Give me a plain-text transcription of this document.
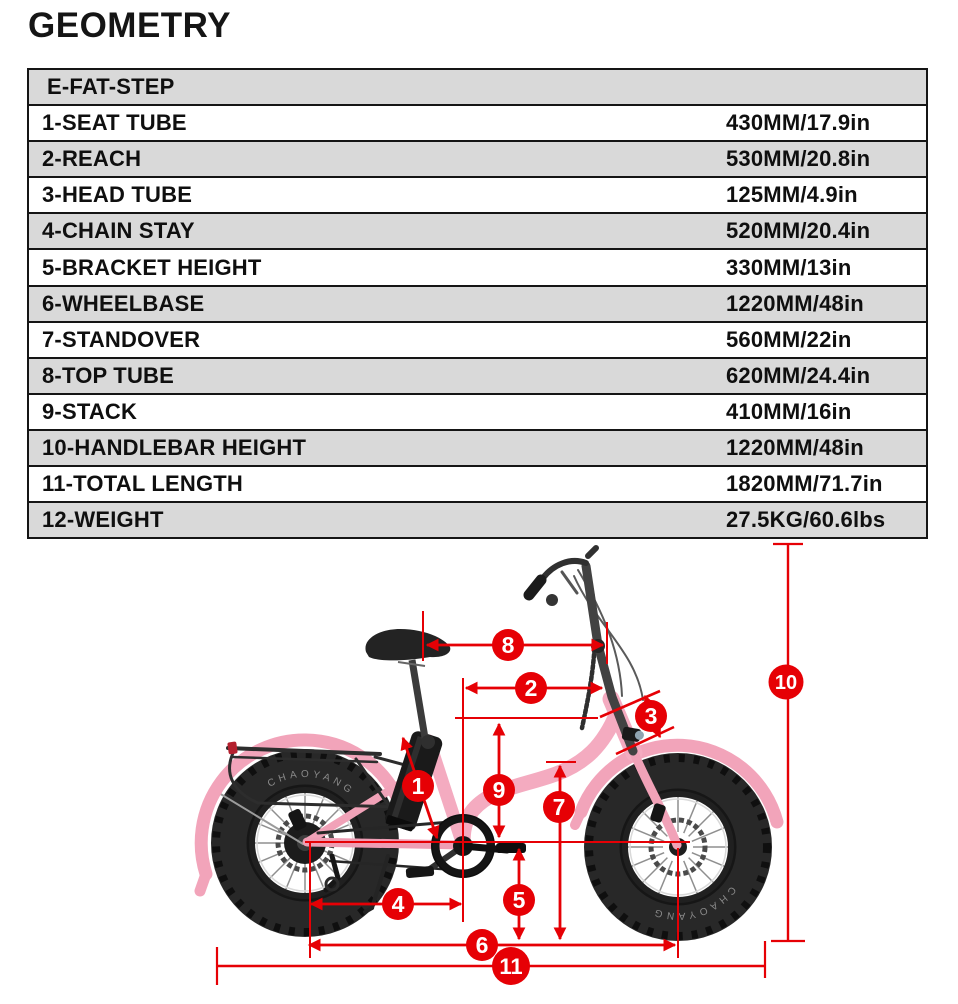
GEOMETRY
E-FAT-STEP
1-SEAT TUBE	430MM/17.9in
2-REACH	530MM/20.8in
3-HEAD TUBE	125MM/4.9in
4-CHAIN STAY	520MM/20.4in
5-BRACKET HEIGHT	330MM/13in
6-WHEELBASE	1220MM/48in
7-STANDOVER	560MM/22in
8-TOP TUBE	620MM/24.4in
9-STACK	410MM/16in
10-HANDLEBAR HEIGHT	1220MM/48in
11-TOTAL LENGTH	1820MM/71.7in
12-WEIGHT	27.5KG/60.6lbs
CHAOYANG
CHAOYANG
1
2
3
4	5
6
7
8
9
10
11
